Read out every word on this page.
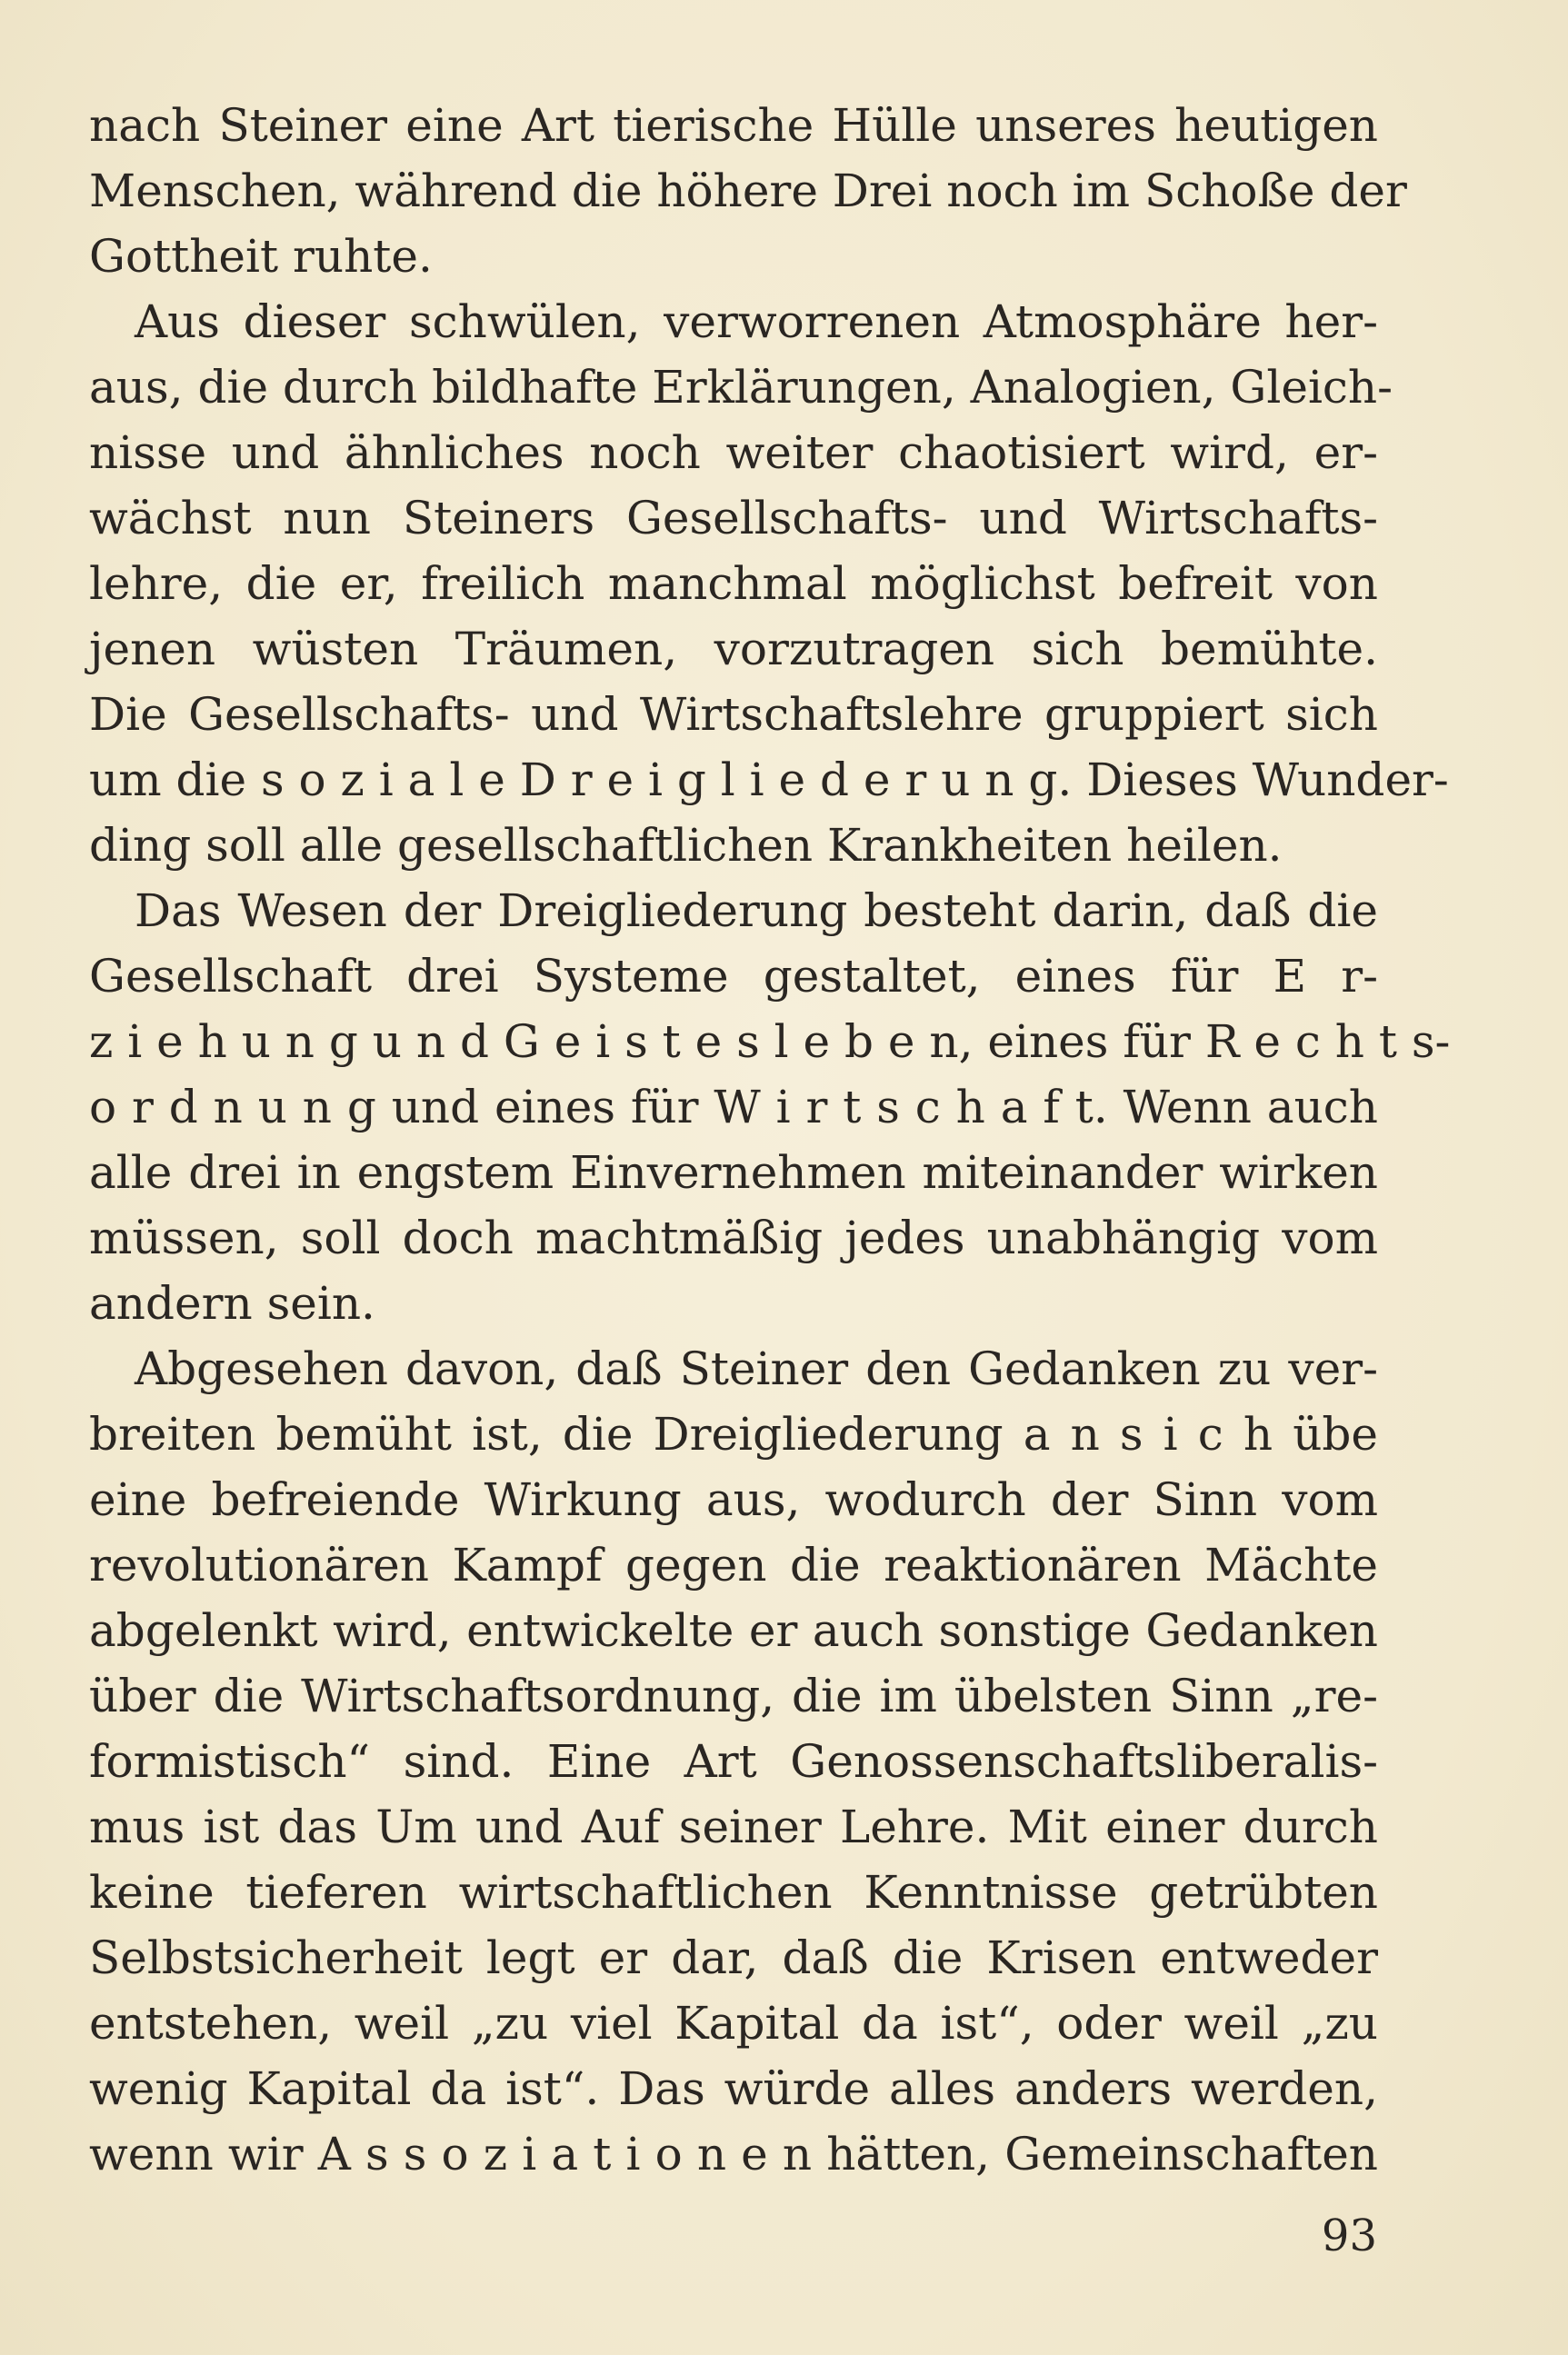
nach Steiner eine Art tierische Hülle unseres heutigen
Menschen, während die höhere Drei noch im Schoße der
Gottheit ruhte.
Aus dieser schwülen, verworrenen Atmosphäre her-
aus, die durch bildhafte Erklärungen, Analogien, Gleich-
nisse und ähnliches noch weiter chaotisiert wird, er-
wächst nun Steiners Gesellschafts- und Wirtschafts-
lehre, die er, freilich manchmal möglichst befreit von
jenen wüsten Träumen, vorzutragen sich bemühte.
Die Gesellschafts- und Wirtschaftslehre gruppiert sich
um die s o z i a l e D r e i g l i e d e r u n g. Dieses Wunder-
ding soll alle gesellschaftlichen Krankheiten heilen.
Das Wesen der Dreigliederung besteht darin, daß die
Gesellschaft drei Systeme gestaltet, eines für E r-
z i e h u n g u n d G e i s t e s l e b e n, eines für R e c h t s-
o r d n u n g und eines für W i r t s c h a f t. Wenn auch
alle drei in engstem Einvernehmen miteinander wirken
müssen, soll doch machtmäßig jedes unabhängig vom
andern sein.
Abgesehen davon, daß Steiner den Gedanken zu ver-
breiten bemüht ist, die Dreigliederung a n s i c h übe
eine befreiende Wirkung aus, wodurch der Sinn vom
revolutionären Kampf gegen die reaktionären Mächte
abgelenkt wird, entwickelte er auch sonstige Gedanken
über die Wirtschaftsordnung, die im übelsten Sinn „re-
formistisch“ sind. Eine Art Genossenschaftsliberalis-
mus ist das Um und Auf seiner Lehre. Mit einer durch
keine tieferen wirtschaftlichen Kenntnisse getrübten
Selbstsicherheit legt er dar, daß die Krisen entweder
entstehen, weil „zu viel Kapital da ist“, oder weil „zu
wenig Kapital da ist“. Das würde alles anders werden,
wenn wir A s s o z i a t i o n e n hätten, Gemeinschaften
93
